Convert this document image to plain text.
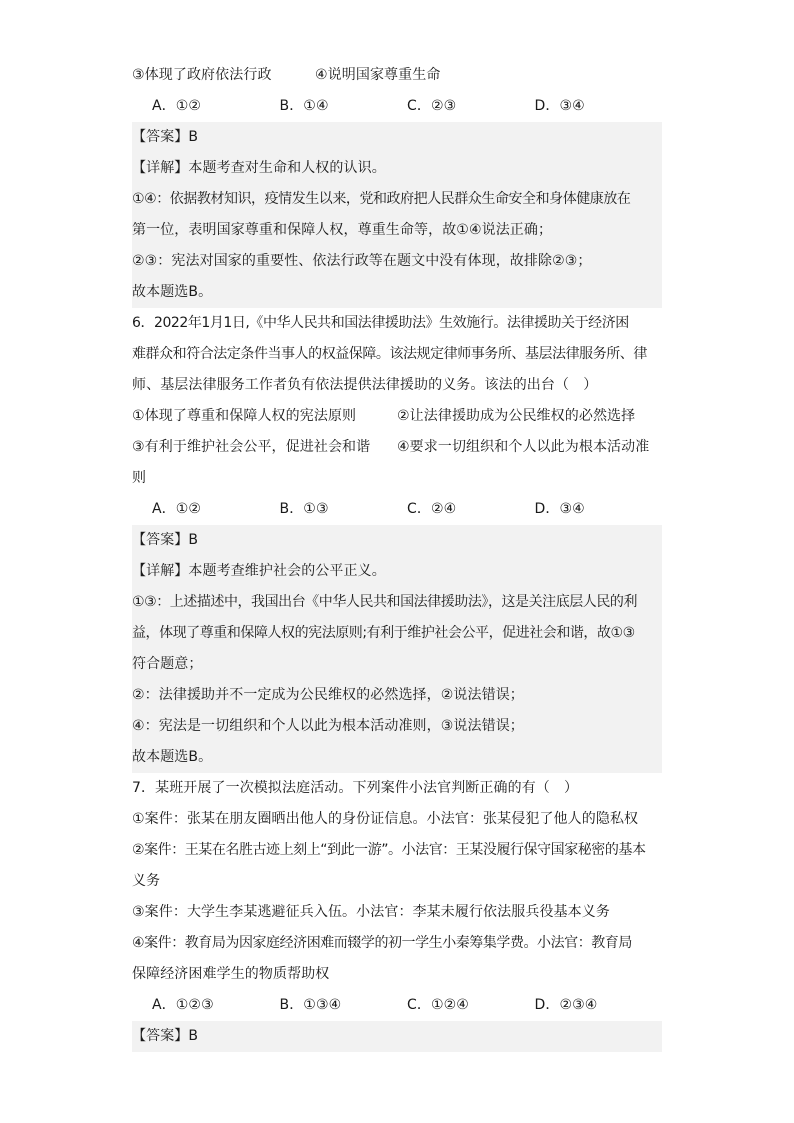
③体现了政府依法行政	④说明国家尊重生命
A．①②	B．①④	C．②③	D．③④
【答案】B
【详解】本题考查对生命和人权的认识。
①④：依据教材知识，疫情发生以来，党和政府把人民群众生命安全和身体健康放在
第一位，表明国家尊重和保障人权，尊重生命等，故①④说法正确；
②③：宪法对国家的重要性、依法行政等在题文中没有体现，故排除②③；
故本题选B。
6．2022年1月1日,《中华人民共和国法律援助法》生效施行。法律援助关于经济困
难群众和符合法定条件当事人的权益保障。该法规定律师事务所、基层法律服务所、律
师、基层法律服务工作者负有依法提供法律援助的义务。该法的出台（　）
①体现了尊重和保障人权的宪法原则	②让法律援助成为公民维权的必然选择
③有利于维护社会公平，促进社会和谐	④要求一切组织和个人以此为根本活动准
则
A．①②	B．①③	C．②④	D．③④
【答案】B
【详解】本题考查维护社会的公平正义。
①③：上述描述中，我国出台《中华人民共和国法律援助法》，这是关注底层人民的利
益，体现了尊重和保障人权的宪法原则;有利于维护社会公平，促进社会和谐，故①③
符合题意；
②：法律援助并不一定成为公民维权的必然选择，②说法错误；
④：宪法是一切组织和个人以此为根本活动准则，③说法错误；
故本题选B。
7．某班开展了一次模拟法庭活动。下列案件小法官判断正确的有（　）
①案件：张某在朋友圈晒出他人的身份证信息。小法官：张某侵犯了他人的隐私权
②案件：王某在名胜古迹上刻上“到此一游”。小法官：王某没履行保守国家秘密的基本
义务
③案件：大学生李某逃避征兵入伍。小法官：李某未履行依法服兵役基本义务
④案件：教育局为因家庭经济困难而辍学的初一学生小秦筹集学费。小法官：教育局
保障经济困难学生的物质帮助权
A．①②③	B．①③④	C．①②④	D．②③④
【答案】B
